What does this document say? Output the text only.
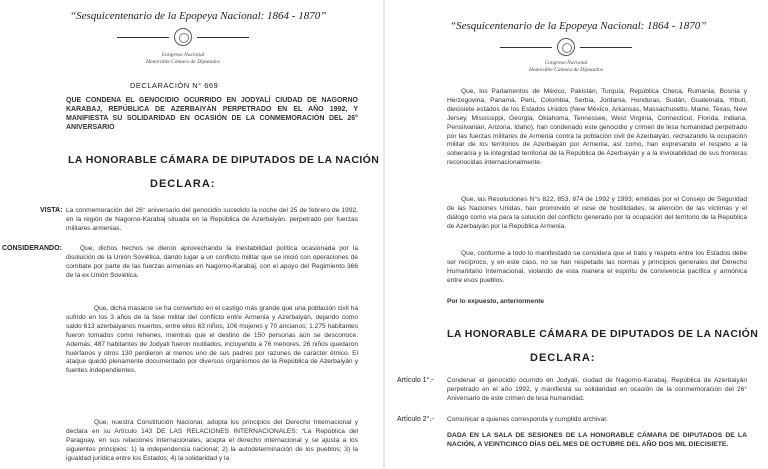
“Sesquicentenario de la Epopeya Nacional: 1864 - 1870”
Congreso Nacional
Honorable Cámara de Diputados
DECLARACIÓN N° 669
QUE CONDENA EL GENOCIDIO OCURRIDO EN JODYALÍ CIUDAD DE NAGORNO KARABAJ, REPÚBLICA DE AZERBAIYÁN PERPETRADO EN EL AÑO 1992, Y MANIFIESTA SU SOLIDARIDAD EN OCASIÓN DE LA CONMEMORACIÓN DEL 26° ANIVERSARIO
LA HONORABLE CÁMARA DE DIPUTADOS DE LA NACIÓN
DECLARA:
VISTA: La conmemoración del 26° aniversario del genocidio sucedido la noche del 25 de febrero de 1992, en la región de Nagorno-Karabaj situada en la República de Azerbaiyán, perpetrado por fuerzas militares armenias.
CONSIDERANDO:	Que, dichos hechos se dieron aprovechando la inestabilidad política ocasionada por la disolución de la Unión Soviética, dando lugar a un conflicto militar que se inició con operaciones de combate por parte de las fuerzas armenias en Nagorno-Karabaj, con el apoyo del Regimiento 366 de la ex Unión Soviética.
Que, dicha masacre se ha convertido en el castigo más grande que una población civil ha sufrido en los 3 años de la fase militar del conflicto entre Armenia y Azerbaiyán, dejando como saldo 613 azerbaiyanos muertos, entre ellos 63 niños, 106 mujeres y 70 ancianos; 1.275 habitantes fueron tomados como rehenes, mientras que el destino de 150 personas aún se desconoce. Además, 487 habitantes de Jodyalí fueron mutilados, incluyendo a 76 menores. 26 niños quedaron huérfanos y otros 130 perdieron al menos uno de sus padres por razones de carácter étnico. El ataque quedó plenamente documentado por diversos organismos de la República de Azerbaiyán y fuentes independientes.
Que, nuestra Constitución Nacional, adopta los principios del Derecho Internacional y declara en su Artículo 143 DE LAS RELACIONES INTERNACIONALES: “La República del Paraguay, en sus relaciones internacionales, acepta el derecho internacional y se ajusta a los siguientes principios: 1) la independencia nacional; 2) la autodeterminación de los pueblos; 3) la igualdad jurídica entre los Estados; 4) la solidaridad y la
“Sesquicentenario de la Epopeya Nacional: 1864 - 1870”
Congreso Nacional
Honorable Cámara de Diputados
Que, los Parlamentos de México, Pakistán, Turquía, República Checa, Rumania, Bosnia y Herzegovina, Panamá, Perú, Colombia, Serbia, Jordania, Honduras, Sudán, Guatemala, Yibuti, diecisiete estados de los Estados Unidos (New México, Arkansas, Massachusetts, Maine, Texas, New Jersey, Mississippi, Georgia, Oklahoma, Tennessee, West Virginia, Connecticut, Florida, Indiana, Pensilvanian, Arizona, Idaho), han condenado este genocidio y crimen de lesa humanidad perpetrado por las fuerzas militares de Armenia contra la población civil de Azerbaiyán, rechazando la ocupación militar de los territorios de Azerbaiyán por Armenia, así como, han expresando el respeto a la soberanía y la integridad territorial de la República de Azerbaiyán y a la inviolabilidad de sus fronteras reconocidas internacionalmente.
Que, las Resoluciones N°s 822, 853, 874 de 1992 y 1993; emitidas por el Consejo de Seguridad de las Naciones Unidas, han promovido el cese de hostilidades, la atención de las víctimas y el diálogo como vía para la solución del conflicto generado por la ocupación del territorio de la República de Azerbaiyán por la República Armenia.
Que, conforme a todo lo manifestado se considera que el trato y respeto entre los Estados debe ser recíproco, y en este caso, no se han respetado las normas y principios generales del Derecho Humanitario Internacional, violando de esta manera el espíritu de convivencia pacífica y armónica entre esos pueblos.
Por lo expuesto, anteriormente
LA HONORABLE CÁMARA DE DIPUTADOS DE LA NACIÓN
DECLARA:
Artículo 1°.- Condenar el genocidio ocurrido en Jodyalí, ciudad de Nagorno-Karabaj, República de Azerbaiyán perpetrado en el año 1992, y manifiesta su solidaridad en ocasión de la conmemoración del 26° Aniversario de este crimen de lesa humanidad.
Artículo 2°.- Comunicar a quienes corresponda y cumplido archivar.
DADA EN LA SALA DE SESIONES DE LA HONORABLE CÁMARA DE DIPUTADOS DE LA NACIÓN, A VEINTICINCO DÍAS DEL MES DE OCTUBRE DEL AÑO DOS MIL DIECISIETE.
